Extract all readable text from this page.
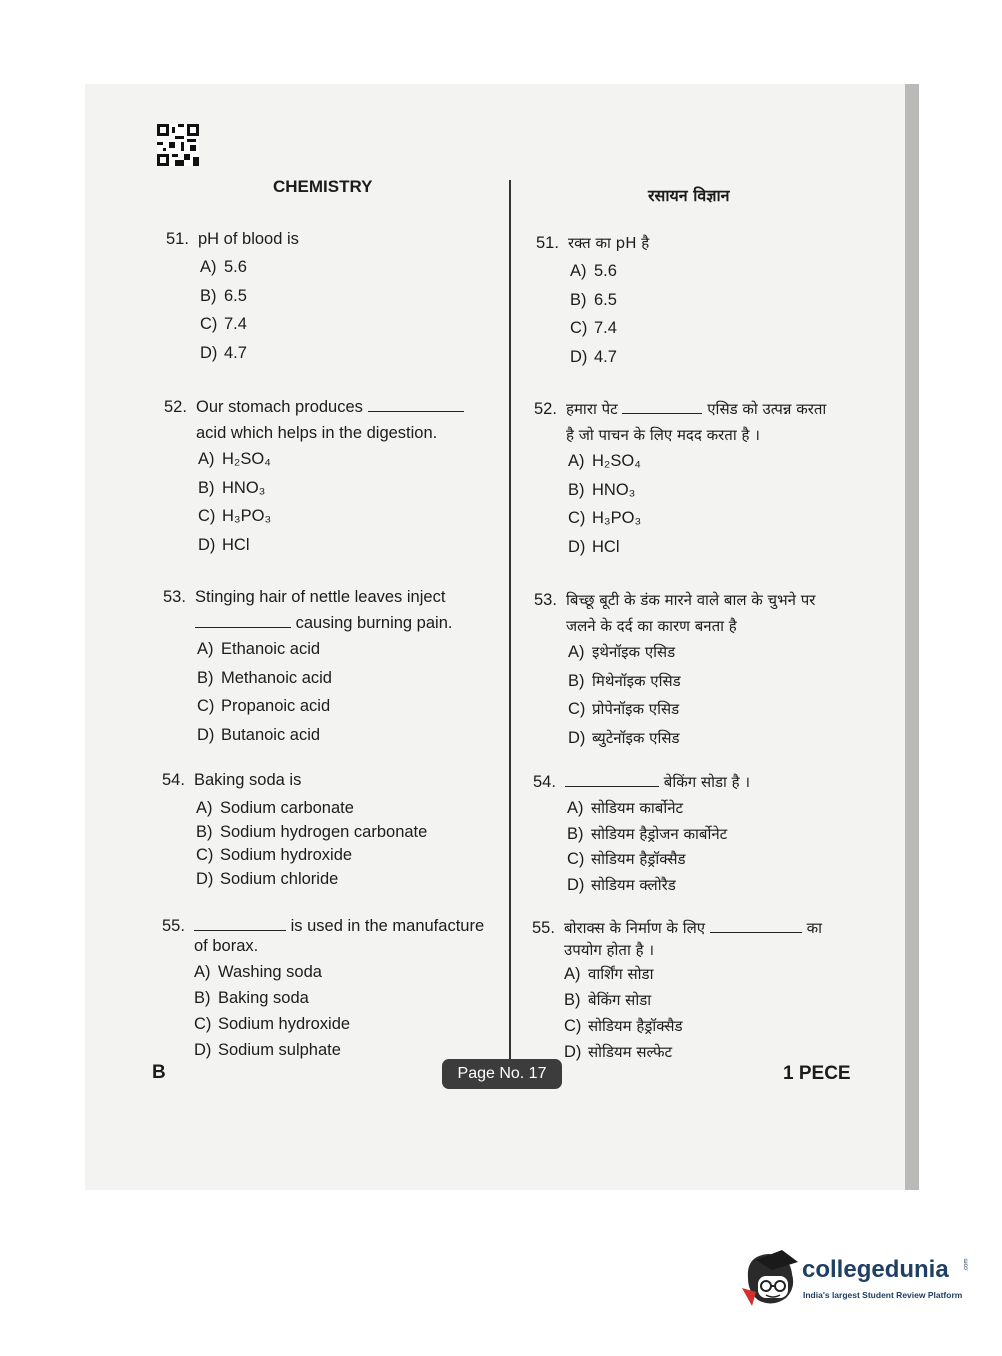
CHEMISTRY
51. pH of blood is
A) 5.6
B) 6.5
C) 7.4
D) 4.7
52. Our stomach produces
acid which helps in the digestion.
A) H₂SO₄
B) HNO₃
C) H₃PO₃
D) HCl
53. Stinging hair of nettle leaves inject
causing burning pain.
A) Ethanoic acid
B) Methanoic acid
C) Propanoic acid
D) Butanoic acid
54. Baking soda is
A) Sodium carbonate
B) Sodium hydrogen carbonate
C) Sodium hydroxide
D) Sodium chloride
55.	is used in the manufacture
of borax.
A) Washing soda
B) Baking soda
C) Sodium hydroxide
D) Sodium sulphate
रसायन विज्ञान
51. रक्त का pH है
A) 5.6
B) 6.5
C) 7.4
D) 4.7
52. हमारा पेट	एसिड को उत्पन्न करता
है जो पाचन के लिए मदद करता है ।
A) H₂SO₄
B) HNO₃
C) H₃PO₃
D) HCl
53. बिच्छू बूटी के डंक मारने वाले बाल के चुभने पर
जलने के दर्द का कारण बनता है
A) इथेनॉइक एसिड
B) मिथेनॉइक एसिड
C) प्रोपेनॉइक एसिड
D) ब्युटेनॉइक एसिड
54.	बेकिंग सोडा है ।
A) सोडियम कार्बोनेट
B) सोडियम हैड्रोजन कार्बोनेट
C) सोडियम हैड्रॉक्सैड
D) सोडियम क्लोरैड
55. बोराक्स के निर्माण के लिए	का
उपयोग होता है ।
A) वार्शिंग सोडा
B) बेकिंग सोडा
C) सोडियम हैड्रॉक्सैड
D) सोडियम सल्फेट
B	Page No. 17	1 PECE
collegedunia
India's largest Student Review Platform
.com
